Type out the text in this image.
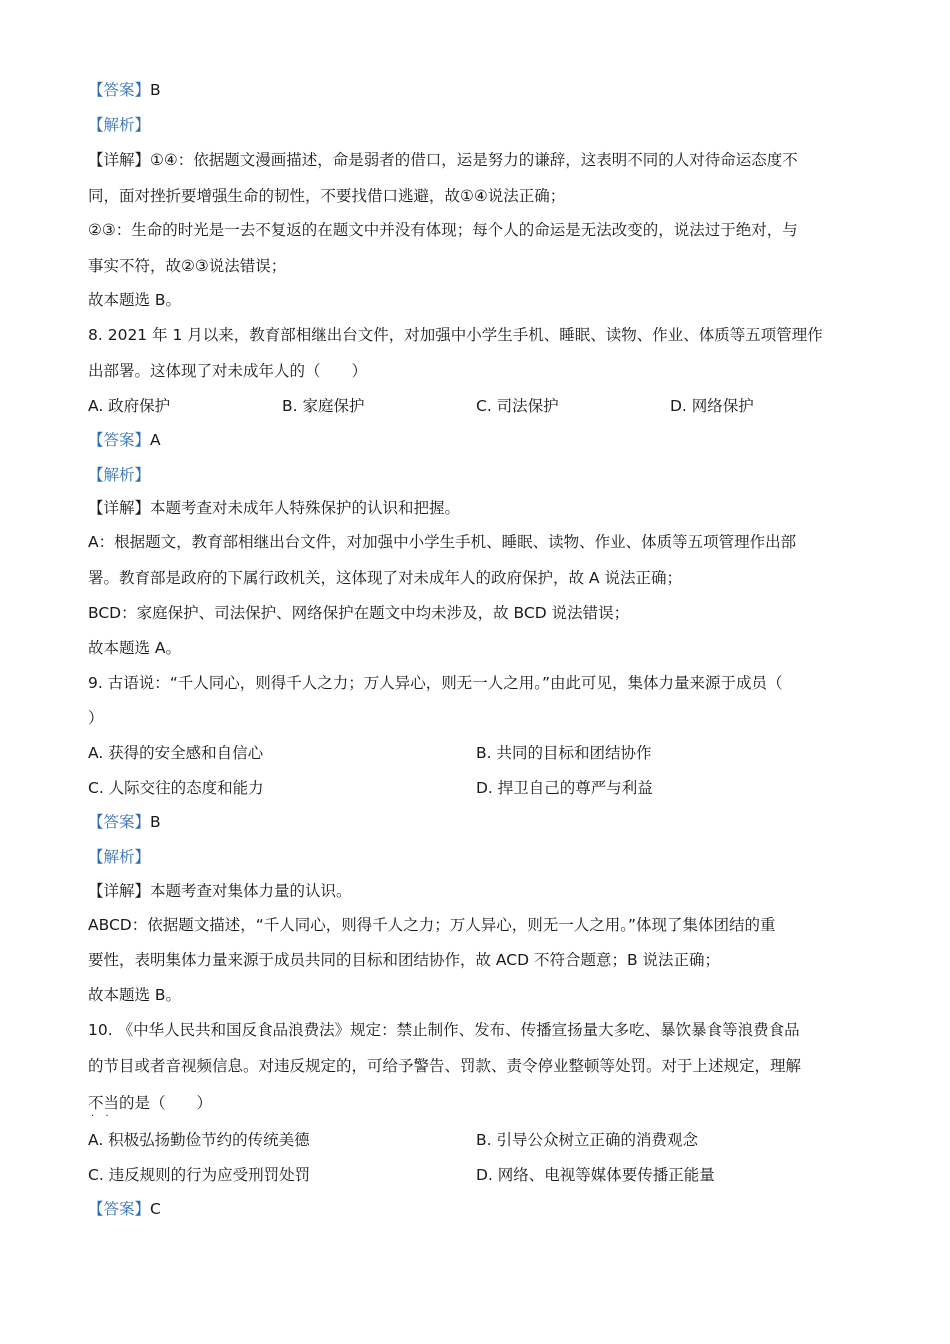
【答案】B
【解析】
【详解】①④：依据题文漫画描述，命是弱者的借口，运是努力的谦辞，这表明不同的人对待命运态度不
同，面对挫折要增强生命的韧性，不要找借口逃避，故①④说法正确；
②③：生命的时光是一去不复返的在题文中并没有体现；每个人的命运是无法改变的，说法过于绝对，与
事实不符，故②③说法错误；
故本题选 B。
8. 2021 年 1 月以来，教育部相继出台文件，对加强中小学生手机、睡眠、读物、作业、体质等五项管理作
出部署。这体现了对未成年人的（　　）
A. 政府保护	B. 家庭保护	C. 司法保护	D. 网络保护
【答案】A
【解析】
【详解】本题考查对未成年人特殊保护的认识和把握。
A：根据题文，教育部相继出台文件，对加强中小学生手机、睡眠、读物、作业、体质等五项管理作出部
署。教育部是政府的下属行政机关，这体现了对未成年人的政府保护，故 A 说法正确；
BCD：家庭保护、司法保护、网络保护在题文中均未涉及，故 BCD 说法错误；
故本题选 A。
9. 古语说：“千人同心，则得千人之力；万人异心，则无一人之用。”由此可见，集体力量来源于成员（
）
A. 获得的安全感和自信心	B. 共同的目标和团结协作
C. 人际交往的态度和能力	D. 捍卫自己的尊严与利益
【答案】B
【解析】
【详解】本题考查对集体力量的认识。
ABCD：依据题文描述，“千人同心，则得千人之力；万人异心，则无一人之用。”体现了集体团结的重
要性，表明集体力量来源于成员共同的目标和团结协作，故 ACD 不符合题意；B 说法正确；
故本题选 B。
10. 《中华人民共和国反食品浪费法》规定：禁止制作、发布、传播宣扬量大多吃、暴饮暴食等浪费食品
的节目或者音视频信息。对违反规定的，可给予警告、罚款、责令停业整顿等处罚。对于上述规定，理解
不当 · ·的是（　　）
A. 积极弘扬勤俭节约的传统美德	B. 引导公众树立正确的消费观念
C. 违反规则的行为应受刑罚处罚	D. 网络、电视等媒体要传播正能量
【答案】C
